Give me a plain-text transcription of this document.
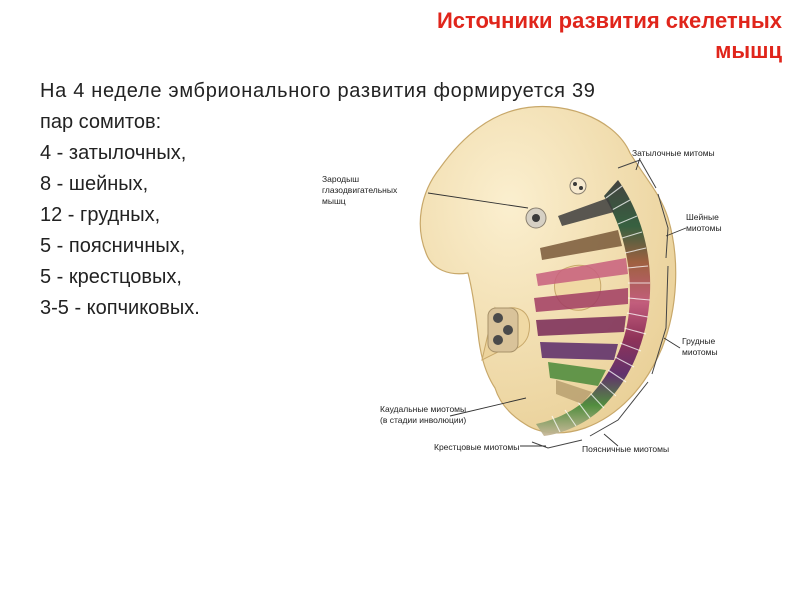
Источники развития скелетных
мышц
На 4 неделе эмбрионального развития формируется 39
пар сомитов:
4 - затылочных,
8 - шейных,
12 - грудных,
5 - поясничных,
5 - крестцовых,
3-5 - копчиковых.
Затылочные митомы
Зародыш
глазодвигательных
мышц
Шейные
миотомы
Грудные
миотомы
Каудальные миотомы
(в стадии инволюции)
Крестцовые миотомы	Поясничные миотомы
